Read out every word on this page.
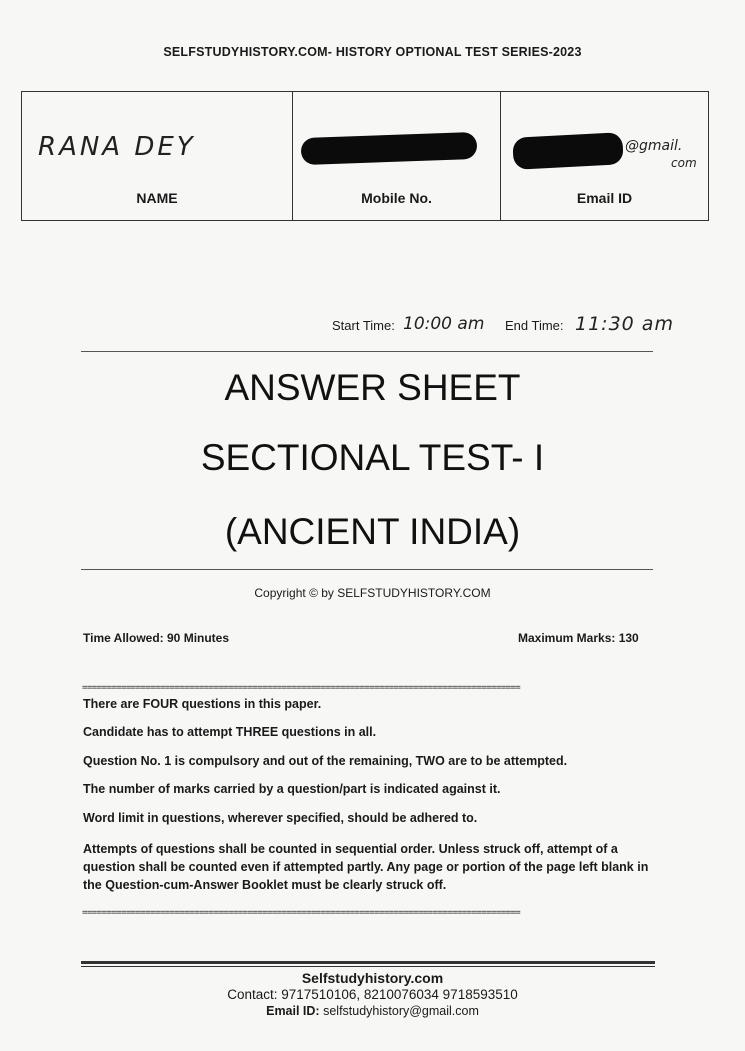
SELFSTUDYHISTORY.COM- HISTORY OPTIONAL TEST SERIES-2023
RANA DEY
NAME	Mobile No.
@gmail.
com
Email ID
Start Time: 10:00 am End Time: 11:30 am
ANSWER SHEET
SECTIONAL TEST- I
(ANCIENT INDIA)
Copyright © by SELFSTUDYHISTORY.COM
Time Allowed: 90 Minutes	Maximum Marks: 130
==========================================================================================
There are FOUR questions in this paper.
Candidate has to attempt THREE questions in all.
Question No. 1 is compulsory and out of the remaining, TWO are to be attempted.
The number of marks carried by a question/part is indicated against it.
Word limit in questions, wherever specified, should be adhered to.
Attempts of questions shall be counted in sequential order. Unless struck off, attempt of a question shall be counted even if attempted partly. Any page or portion of the page left blank in the Question-cum-Answer Booklet must be clearly struck off.
==========================================================================================
Selfstudyhistory.com
Contact: 9717510106, 8210076034 9718593510
Email ID: selfstudyhistory@gmail.com
